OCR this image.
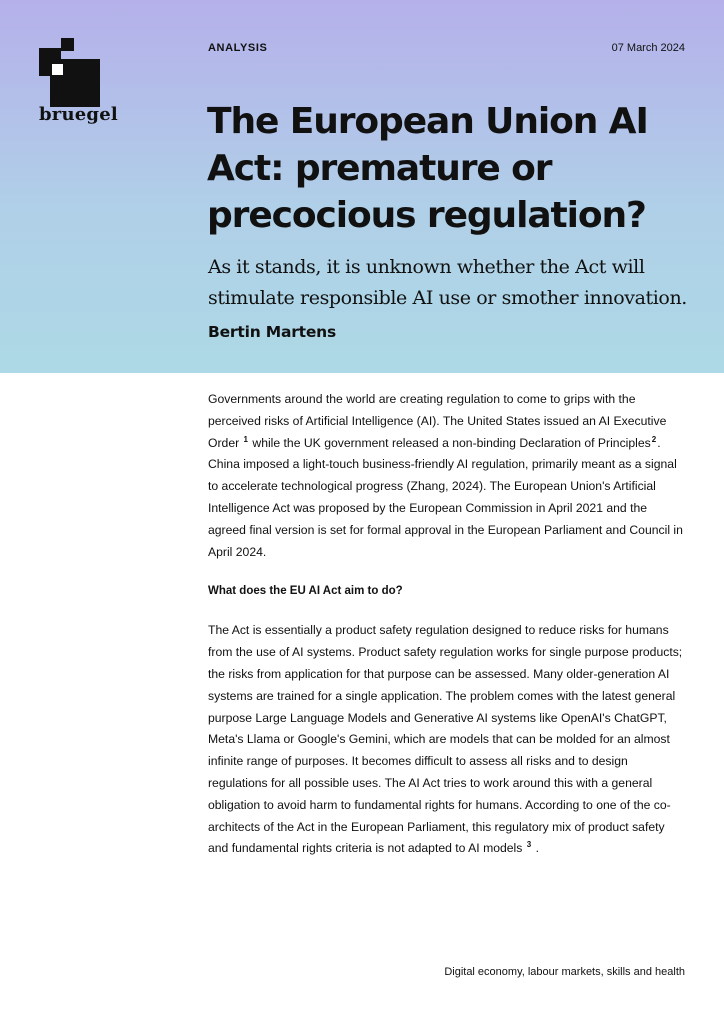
bruegel
ANALYSIS	07 March 2024
The European Union AI Act: premature or precocious regulation?

As it stands, it is unknown whether the Act will stimulate responsible AI use or smother innovation.

Bertin Martens

Governments around the world are creating regulation to come to grips with the perceived risks of Artificial Intelligence (AI). The United States issued an AI Executive Order $^1$ while the UK government released a non-binding Declaration of Principles$^2$. China imposed a light-touch business-friendly AI regulation, primarily meant as a signal to accelerate technological progress (Zhang, 2024). The European Union's Artificial Intelligence Act was proposed by the European Commission in April 2021 and the agreed final version is set for formal approval in the European Parliament and Council in April 2024.

What does the EU AI Act aim to do?

The Act is essentially a product safety regulation designed to reduce risks for humans from the use of AI systems. Product safety regulation works for single purpose products; the risks from application for that purpose can be assessed. Many older-generation AI systems are trained for a single application. The problem comes with the latest general purpose Large Language Models and Generative AI systems like OpenAI's ChatGPT, Meta's Llama or Google's Gemini, which are models that can be molded for an almost infinite range of purposes. It becomes difficult to assess all risks and to design regulations for all possible uses. The AI Act tries to work around this with a general obligation to avoid harm to fundamental rights for humans. According to one of the co-architects of the Act in the European Parliament, this regulatory mix of product safety and fundamental rights criteria is not adapted to AI models $^3$ .

Digital economy, labour markets, skills and health
